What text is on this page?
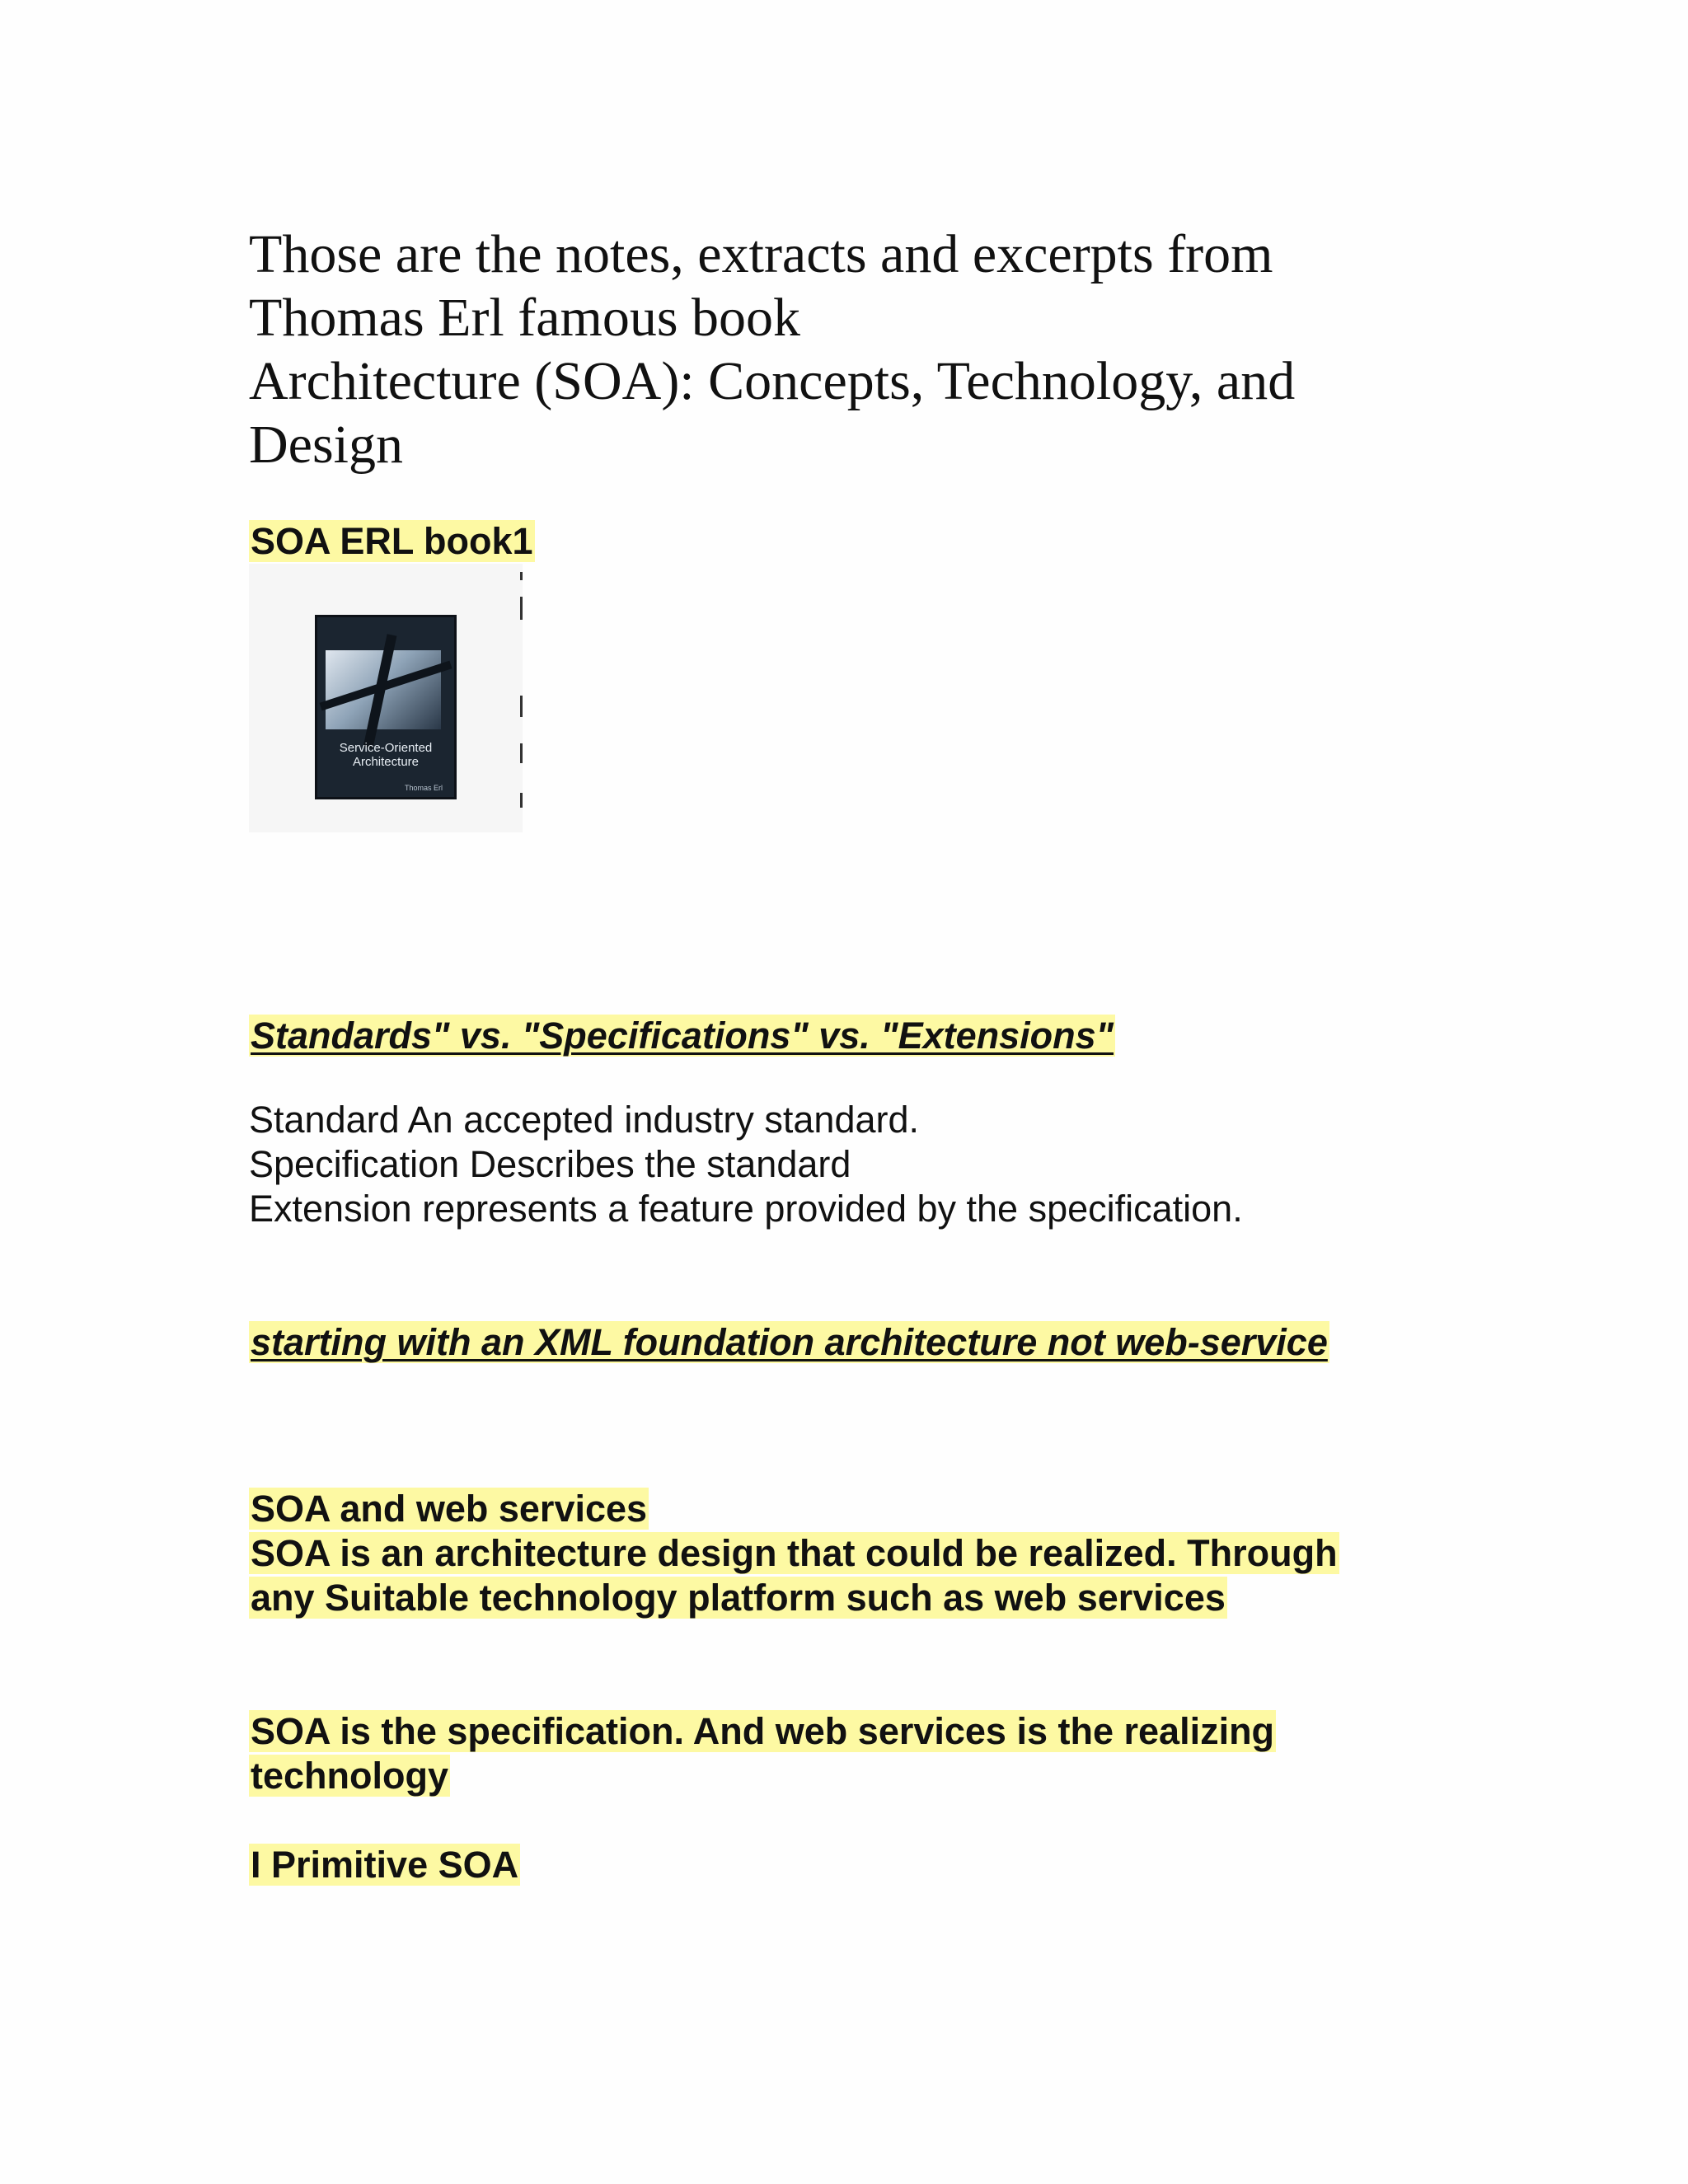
Those are the notes, extracts and excerpts from
Thomas Erl famous book
Architecture (SOA): Concepts, Technology, and
Design
SOA ERL book1
Service-Oriented
Architecture
Thomas Erl
Standards" vs. "Specifications" vs. "Extensions"
Standard An accepted industry standard.
Specification Describes the standard
Extension represents a feature provided by the specification.
starting with an XML foundation architecture not web-service
SOA and web services
SOA is an architecture design that could be realized. Through
any Suitable technology platform such as web services
SOA is the specification. And web services is the realizing
technology
I Primitive SOA
